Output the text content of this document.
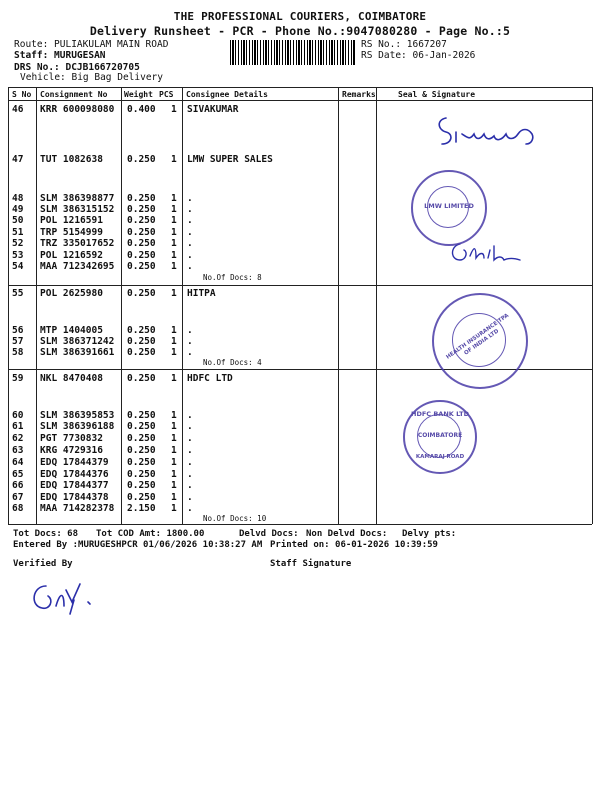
THE PROFESSIONAL COURIERS, COIMBATORE
Delivery Runsheet - PCR - Phone No.:9047080280 - Page No.:5
Route: PULIAKULAM MAIN ROAD
Staff: MURUGESAN
DRS No.: DCJB166720705
Vehicle: Big Bag Delivery
RS No.: 1667207
RS Date: 06-Jan-2026
S No Consignment No Weight PCS Consignee Details	Remarks	Seal & Signature
46 KRR 600098080 0.400 1 SIVAKUMAR
47 TUT 1082638	0.250 1 LMW SUPER SALES
48 SLM 386398877 0.250 1 .
49 SLM 386315152 0.250 1 .
50 POL 1216591	0.250 1 .
51 TRP 5154999	0.250 1 .
52 TRZ 335017652 0.250 1 .
53 POL 1216592	0.250 1 .
54 MAA 712342695 0.250 1 .
No.Of Docs: 8
55 POL 2625980	0.250 1 HITPA
56 MTP 1404005	0.250 1 .
57 SLM 386371242 0.250 1 .
58 SLM 386391661 0.250 1 .
No.Of Docs: 4
59 NKL 8470408	0.250 1 HDFC LTD
60 SLM 386395853 0.250 1 .
61 SLM 386396188 0.250 1 .
62 PGT 7730832	0.250 1 .
63 KRG 4729316	0.250 1 .
64 EDQ 17844379 0.250 1 .
65 EDQ 17844376 0.250 1 .
66 EDQ 17844377 0.250 1 .
67 EDQ 17844378 0.250 1 .
68 MAA 714282378 2.150 1 .
No.Of Docs: 10
Tot Docs: 68 Tot COD Amt: 1800.00	Delvd Docs: Non Delvd Docs: Delvy pts:
Entered By :MURUGESHPCR 01/06/2026 10:38:27 AM Printed on: 06-01-2026 10:39:59
Verified By	Staff Signature
LMW LIMITED
HEALTH INSURANCE TPA OF INDIA LTD
HDFC BANK LTD
COIMBATORE
KAMARAJ ROAD
